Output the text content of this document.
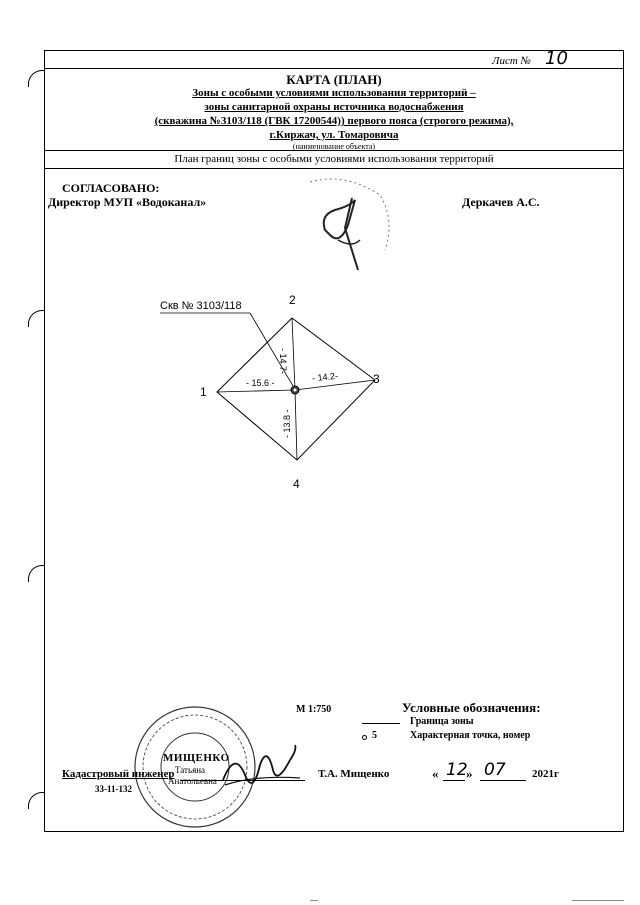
Лист № 10
КАРТА (ПЛАН)
Зоны с особыми условиями использования территорий –
зоны санитарной охраны источника водоснабжения
(скважина №3103/118 (ГВК 17200544)) первого пояса (строгого режима),
г.Киржач, ул. Томаровича
(наименование объекта)
План границ зоны с особыми условиями использования территорий
СОГЛАСОВАНО:
Директор МУП «Водоканал»	Деркачев А.С.
Скв № 3103/118
1
2
3
4
- 15.6 -
- 14.7-
- 14.2-
- 13.8 -
М 1:750	Условные обозначения:
Граница зоны
5	Характерная точка, номер
МИЩЕНКО
Татьяна
Анатольевна
Кадастровый инженер
33-11-132
Т.А. Мищенко	« 12
» 07 2021г
